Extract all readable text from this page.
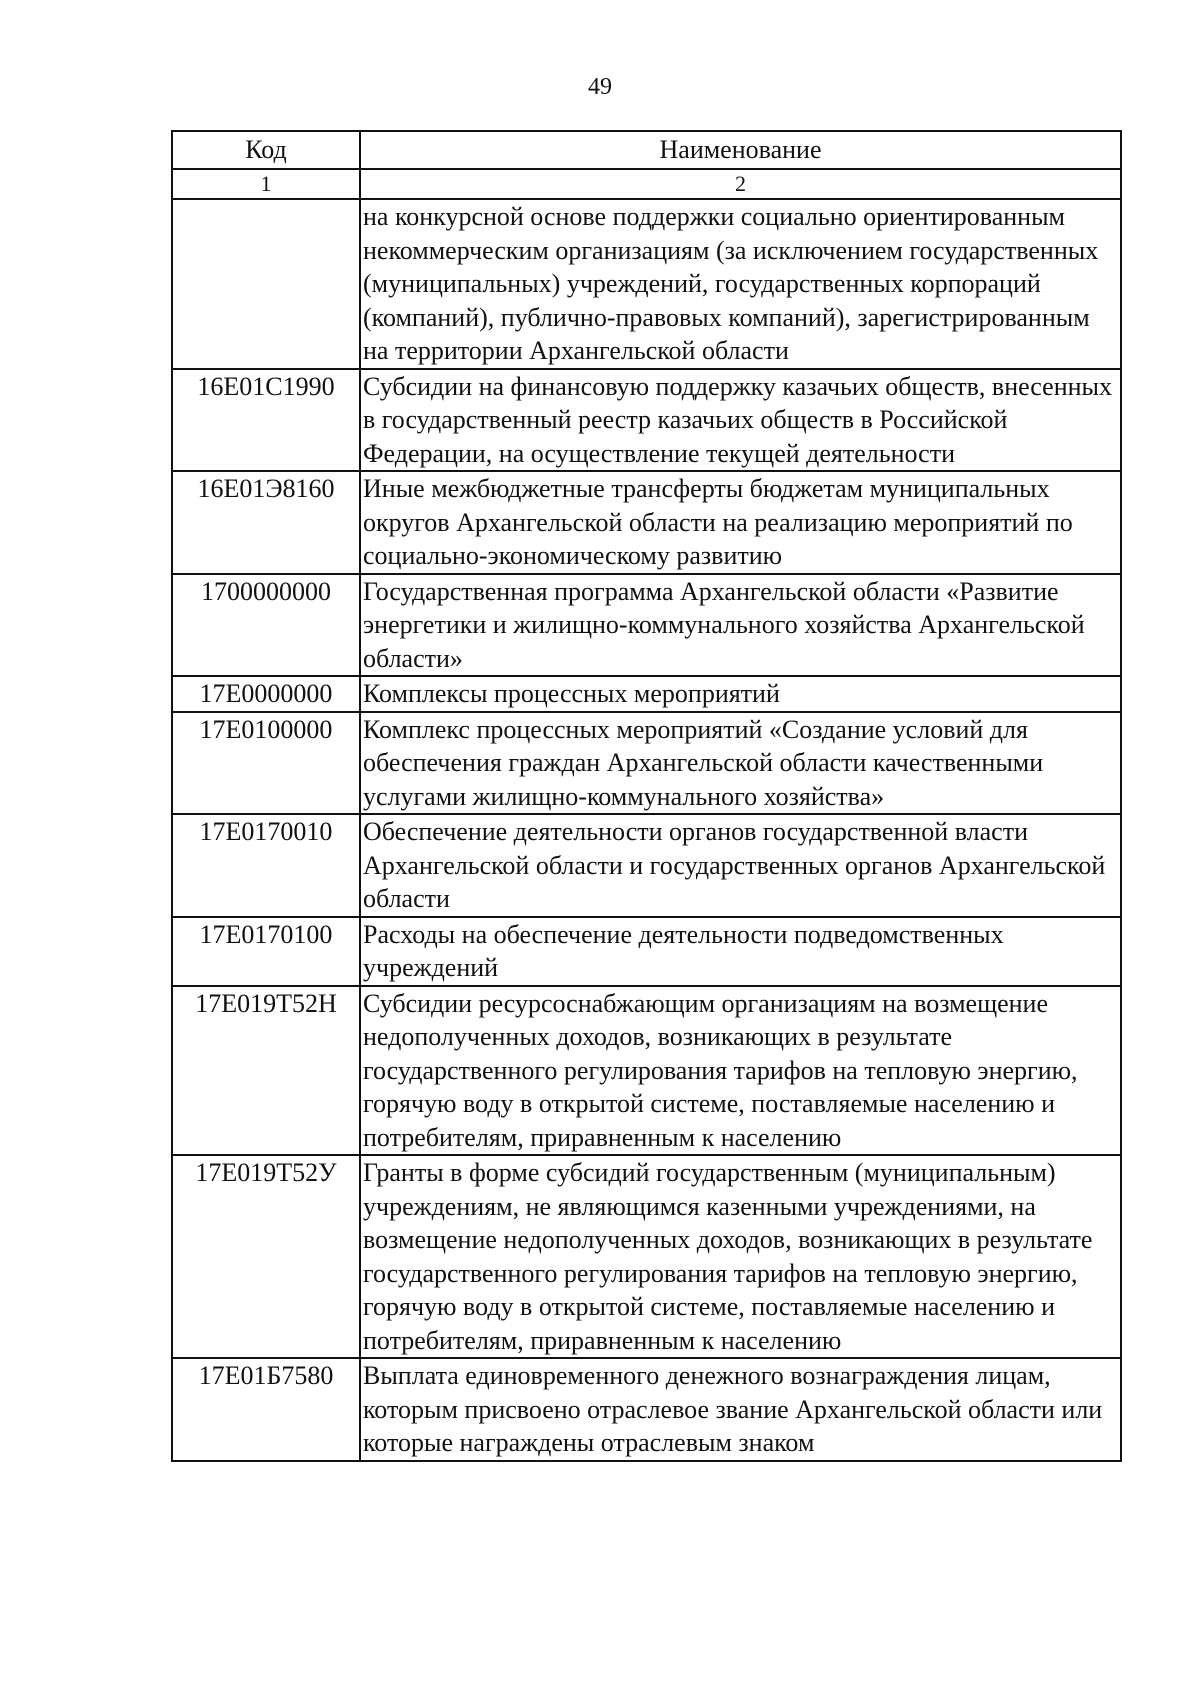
49
Код	Наименование
1	2
	на конкурсной основе поддержки социально ориентированным некоммерческим организациям (за исключением государственных (муниципальных) учреждений, государственных корпораций (компаний), публично-правовых компаний), зарегистрированным на территории Архангельской области
16Е01С1990	Субсидии на финансовую поддержку казачьих обществ, внесенных в государственный реестр казачьих обществ в Российской Федерации, на осуществление текущей деятельности
16Е01Э8160	Иные межбюджетные трансферты бюджетам муниципальных округов Архангельской области на реализацию мероприятий по социально-экономическому развитию
1700000000	Государственная программа Архангельской области «Развитие энергетики и жилищно-коммунального хозяйства Архангельской области»
17Е0000000	Комплексы процессных мероприятий
17Е0100000	Комплекс процессных мероприятий «Создание условий для обеспечения граждан Архангельской области качественными услугами жилищно-коммунального хозяйства»
17Е0170010	Обеспечение деятельности органов государственной власти Архангельской области и государственных органов Архангельской области
17Е0170100	Расходы на обеспечение деятельности подведомственных учреждений
17Е019Т52Н	Субсидии ресурсоснабжающим организациям на возмещение недополученных доходов, возникающих в результате государственного регулирования тарифов на тепловую энергию, горячую воду в открытой системе, поставляемые населению и потребителям, приравненным к населению
17Е019Т52У	Гранты в форме субсидий государственным (муниципальным) учреждениям, не являющимся казенными учреждениями, на возмещение недополученных доходов, возникающих в результате государственного регулирования тарифов на тепловую энергию, горячую воду в открытой системе, поставляемые населению и потребителям, приравненным к населению
17Е01Б7580	Выплата единовременного денежного вознаграждения лицам, которым присвоено отраслевое звание Архангельской области или которые награждены отраслевым знаком
